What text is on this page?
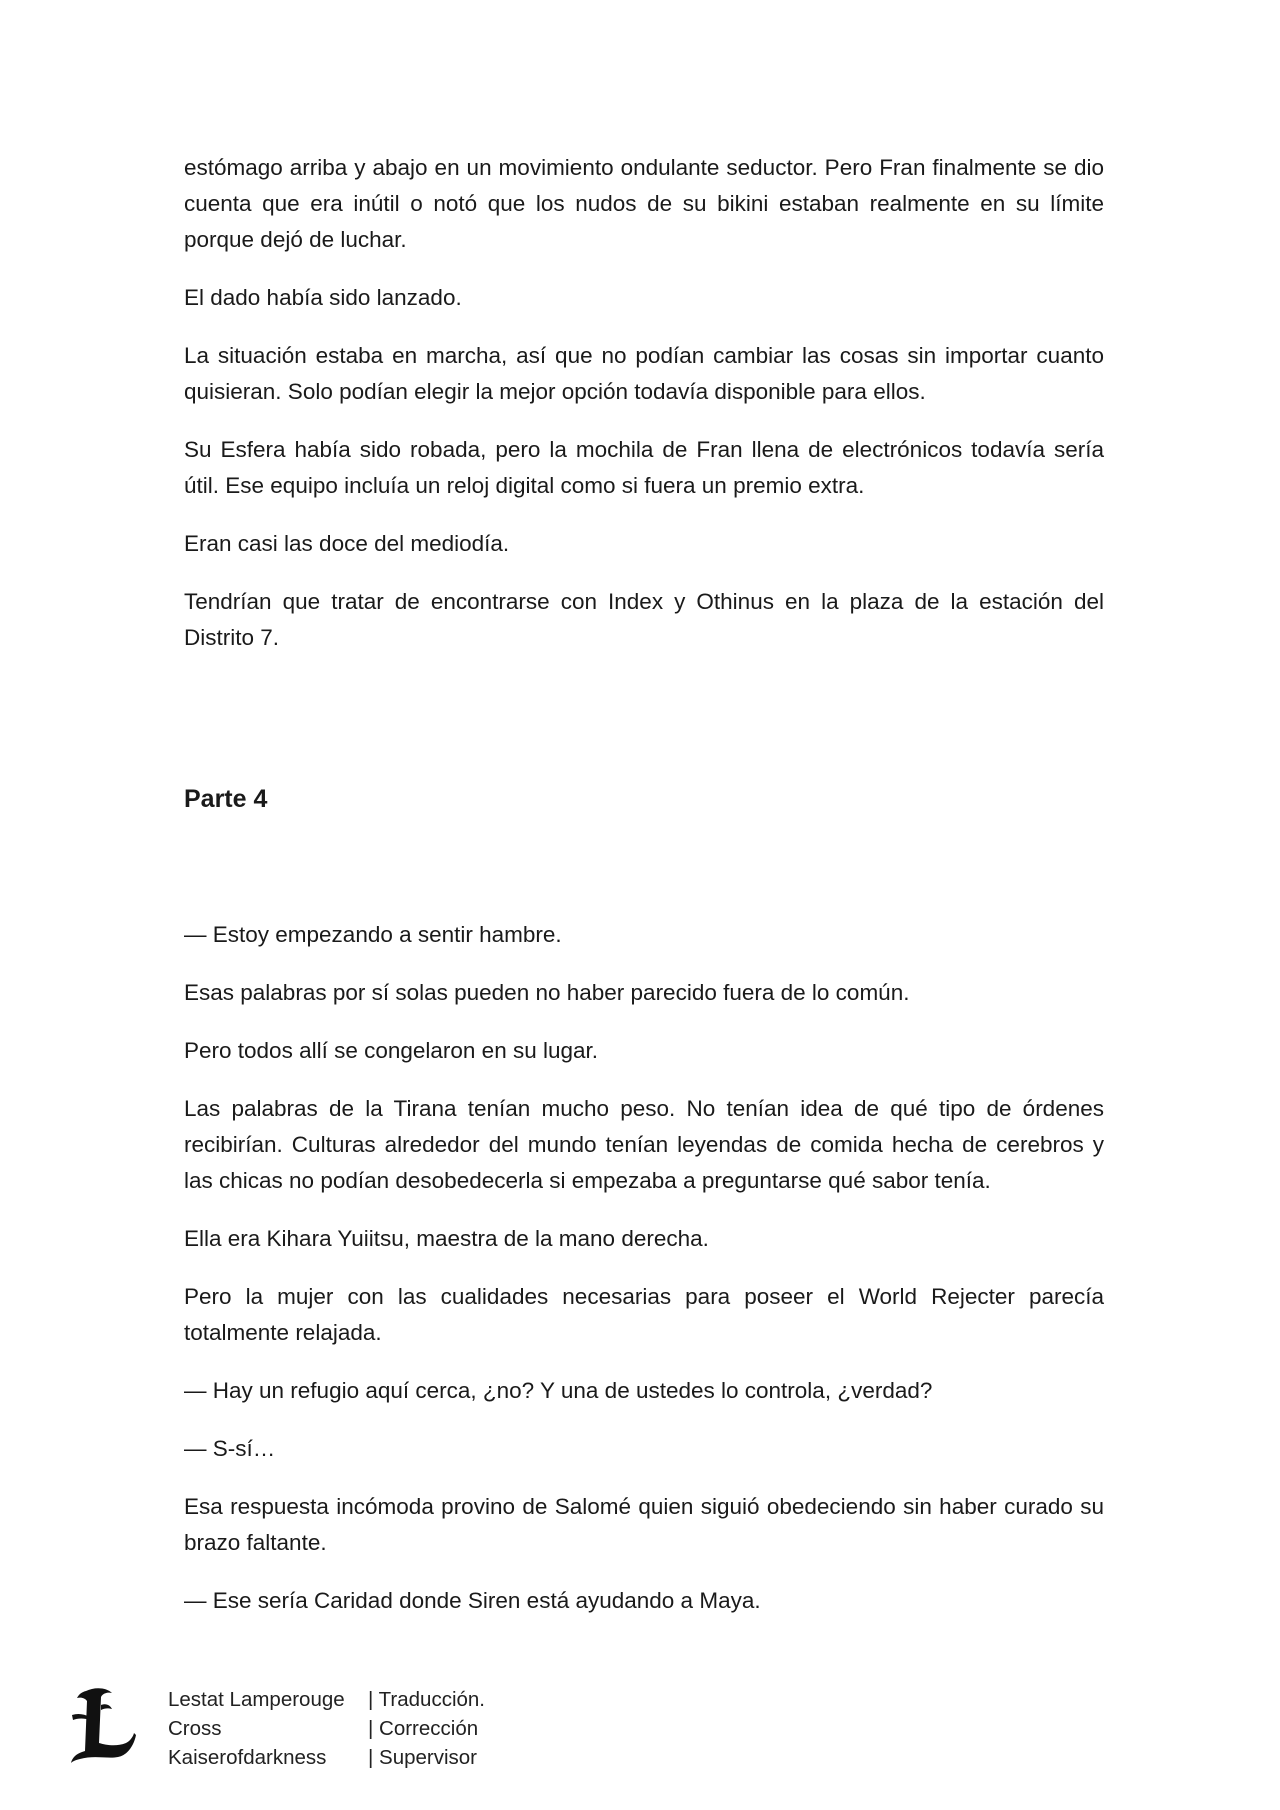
estómago arriba y abajo en un movimiento ondulante seductor. Pero Fran finalmente se dio cuenta que era inútil o notó que los nudos de su bikini estaban realmente en su límite porque dejó de luchar.

El dado había sido lanzado.

La situación estaba en marcha, así que no podían cambiar las cosas sin importar cuanto quisieran. Solo podían elegir la mejor opción todavía disponible para ellos.

Su Esfera había sido robada, pero la mochila de Fran llena de electrónicos todavía sería útil. Ese equipo incluía un reloj digital como si fuera un premio extra.

Eran casi las doce del mediodía.

Tendrían que tratar de encontrarse con Index y Othinus en la plaza de la estación del Distrito 7.

Parte 4

— Estoy empezando a sentir hambre.

Esas palabras por sí solas pueden no haber parecido fuera de lo común.

Pero todos allí se congelaron en su lugar.

Las palabras de la Tirana tenían mucho peso. No tenían idea de qué tipo de órdenes recibirían. Culturas alrededor del mundo tenían leyendas de comida hecha de cerebros y las chicas no podían desobedecerla si empezaba a preguntarse qué sabor tenía.

Ella era Kihara Yuiitsu, maestra de la mano derecha.

Pero la mujer con las cualidades necesarias para poseer el World Rejecter parecía totalmente relajada.

— Hay un refugio aquí cerca, ¿no? Y una de ustedes lo controla, ¿verdad?

— S-sí…

Esa respuesta incómoda provino de Salomé quien siguió obedeciendo sin haber curado su brazo faltante.

— Ese sería Caridad donde Siren está ayudando a Maya.

Lestat Lamperouge	| Traducción.
Cross	| Corrección
Kaiserofdarkness	| Supervisor
